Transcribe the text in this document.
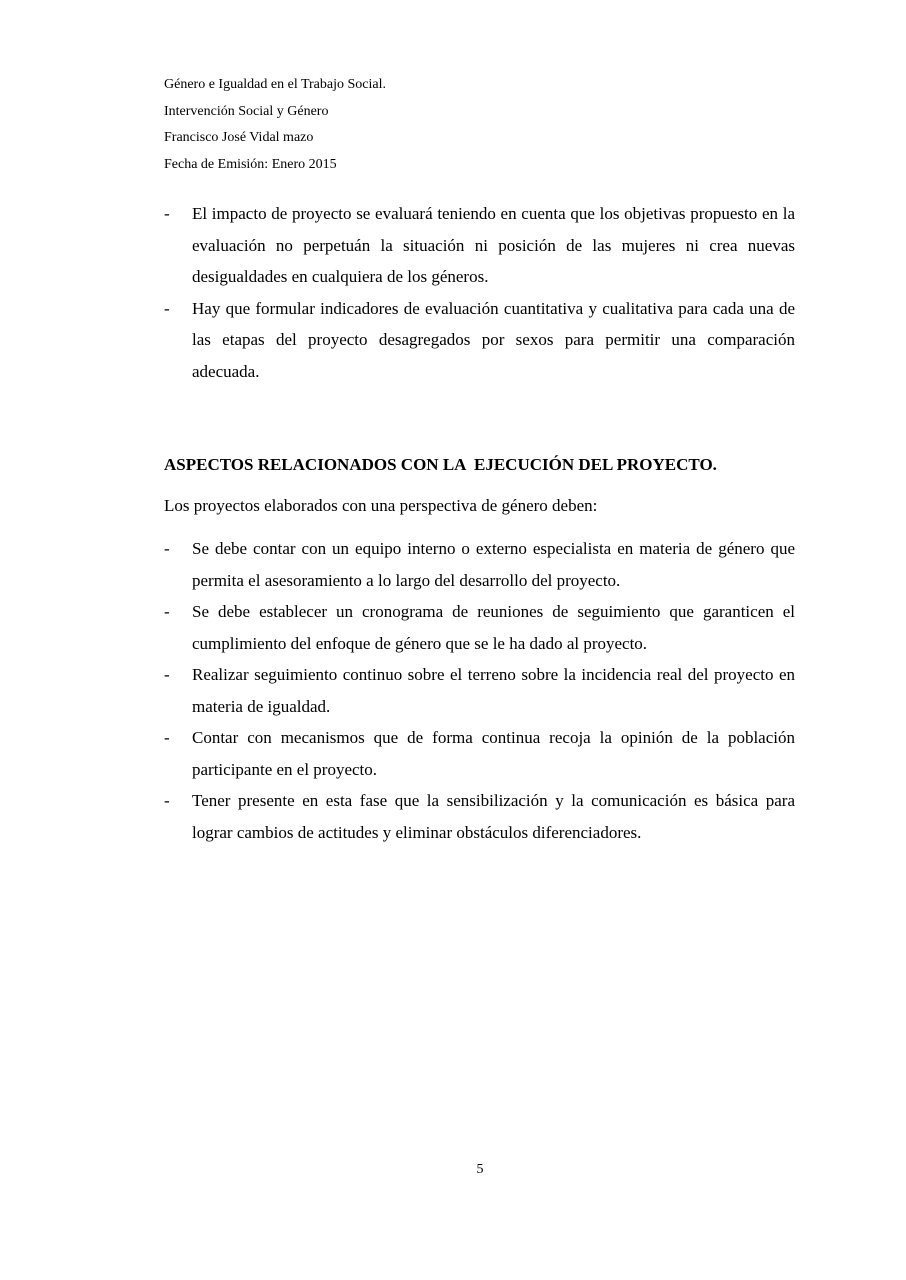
Género e Igualdad en el Trabajo Social.
Intervención Social y Género
Francisco José Vidal mazo
Fecha de Emisión: Enero 2015
- El impacto de proyecto se evaluará teniendo en cuenta que los objetivas propuesto en la evaluación no perpetuán la situación ni posición de las mujeres ni crea nuevas desigualdades en cualquiera de los géneros.
- Hay que formular indicadores de evaluación cuantitativa y cualitativa para cada una de las etapas del proyecto desagregados por sexos para permitir una comparación adecuada.
ASPECTOS RELACIONADOS CON LA  EJECUCIÓN DEL PROYECTO.
Los proyectos elaborados con una perspectiva de género deben:
- Se debe contar con un equipo interno o externo especialista en materia de género que permita el asesoramiento a lo largo del desarrollo del proyecto.
- Se debe establecer un cronograma de reuniones de seguimiento que garanticen el cumplimiento del enfoque de género que se le ha dado al proyecto.
- Realizar seguimiento continuo sobre el terreno sobre la incidencia real del proyecto en materia de igualdad.
- Contar con mecanismos que de forma continua recoja la opinión de la población participante en el proyecto.
- Tener presente en esta fase que la sensibilización y la comunicación es básica para lograr cambios de actitudes y eliminar obstáculos diferenciadores.
5
